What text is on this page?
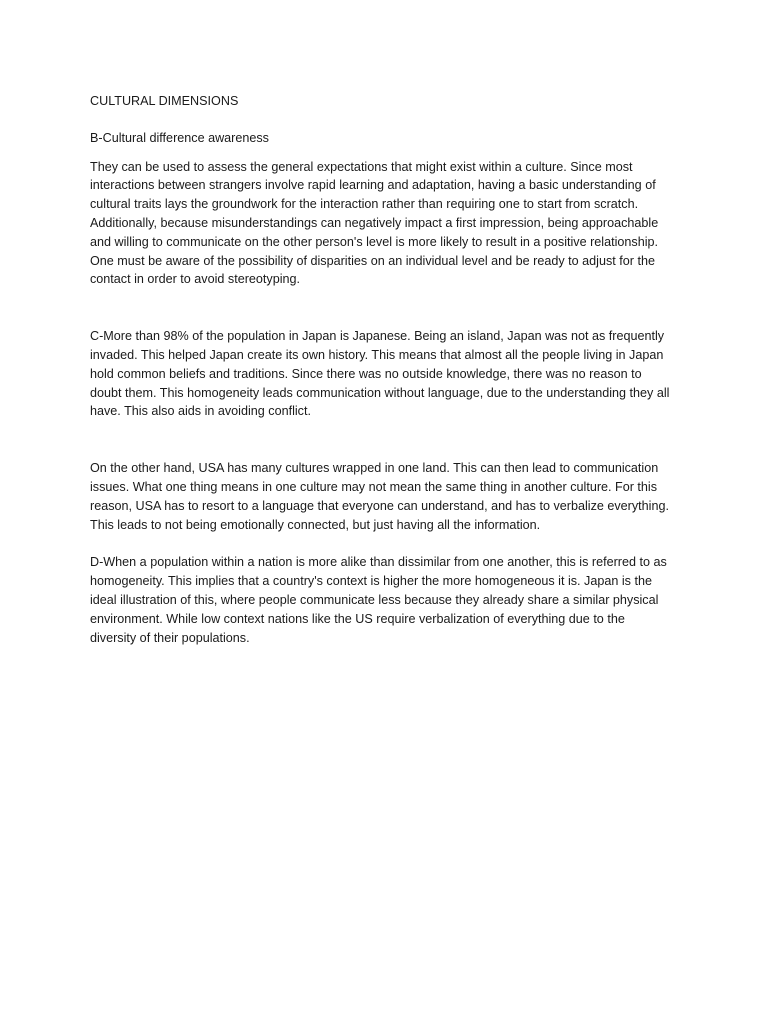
CULTURAL DIMENSIONS

B-Cultural difference awareness

They can be used to assess the general expectations that might exist within a culture. Since most interactions between strangers involve rapid learning and adaptation, having a basic understanding of cultural traits lays the groundwork for the interaction rather than requiring one to start from scratch. Additionally, because misunderstandings can negatively impact a first impression, being approachable and willing to communicate on the other person's level is more likely to result in a positive relationship. One must be aware of the possibility of disparities on an individual level and be ready to adjust for the contact in order to avoid stereotyping.

C-More than 98% of the population in Japan is Japanese. Being an island, Japan was not as frequently invaded. This helped Japan create its own history. This means that almost all the people living in Japan hold common beliefs and traditions. Since there was no outside knowledge, there was no reason to doubt them. This homogeneity leads communication without language, due to the understanding they all have. This also aids in avoiding conflict.

On the other hand, USA has many cultures wrapped in one land. This can then lead to communication issues. What one thing means in one culture may not mean the same thing in another culture. For this reason, USA has to resort to a language that everyone can understand, and has to verbalize everything. This leads to not being emotionally connected, but just having all the information.

D-When a population within a nation is more alike than dissimilar from one another, this is referred to as homogeneity. This implies that a country's context is higher the more homogeneous it is. Japan is the ideal illustration of this, where people communicate less because they already share a similar physical environment. While low context nations like the US require verbalization of everything due to the diversity of their populations.
